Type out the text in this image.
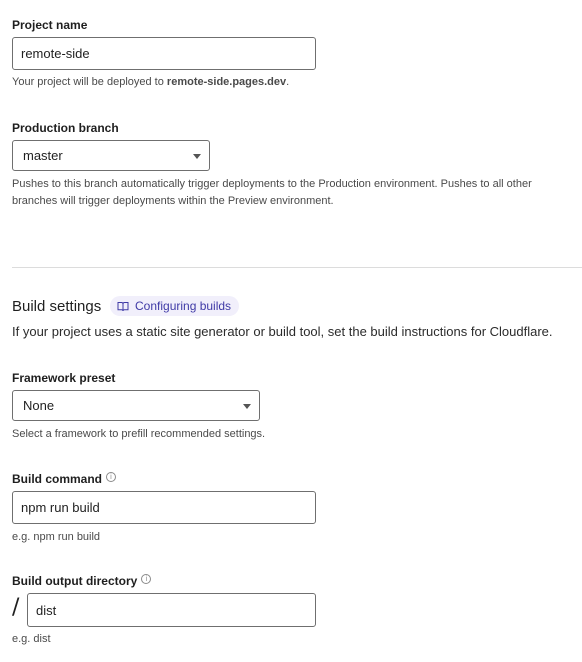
Project name
remote-side
Your project will be deployed to remote-side.pages.dev.
Production branch
master
Pushes to this branch automatically trigger deployments to the Production environment. Pushes to all other branches will trigger deployments within the Preview environment.
Build settings	Configuring builds
If your project uses a static site generator or build tool, set the build instructions for Cloudflare.
Framework preset
None
Select a framework to prefill recommended settings.
Build command i
npm run build
e.g. npm run build
Build output directory i
/ dist
e.g. dist
